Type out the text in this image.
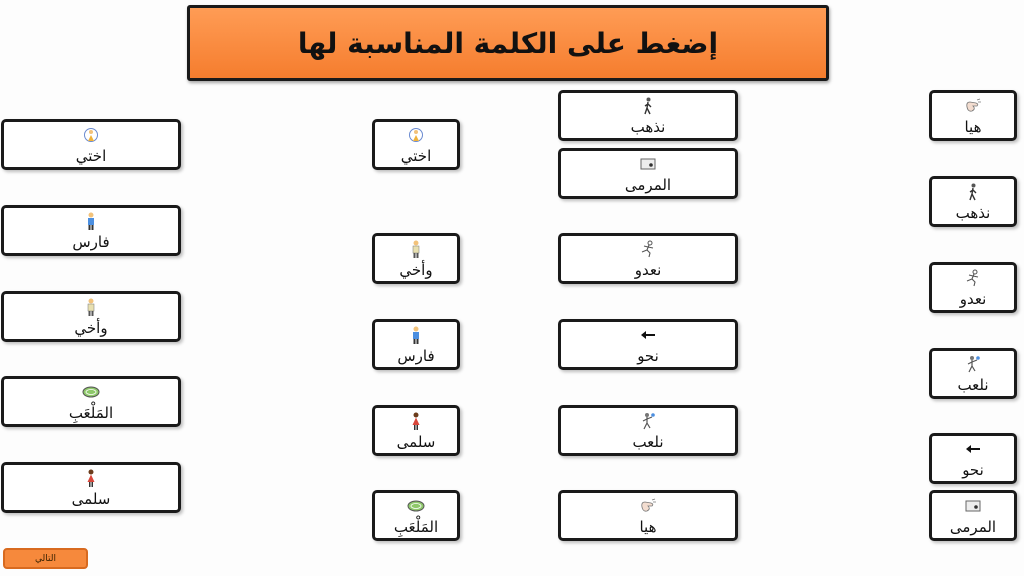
إضغط على الكلمة المناسبة لها
اختي
فارس
وأخي
المَلْعَبِ
سلمى
اختي
وأخي
فارس
سلمى
المَلْعَبِ
نذهب
المرمى
نعدو
نحو
نلعب
هيا
هيا
نذهب
نعدو
نلعب
نحو
المرمى
التالي
